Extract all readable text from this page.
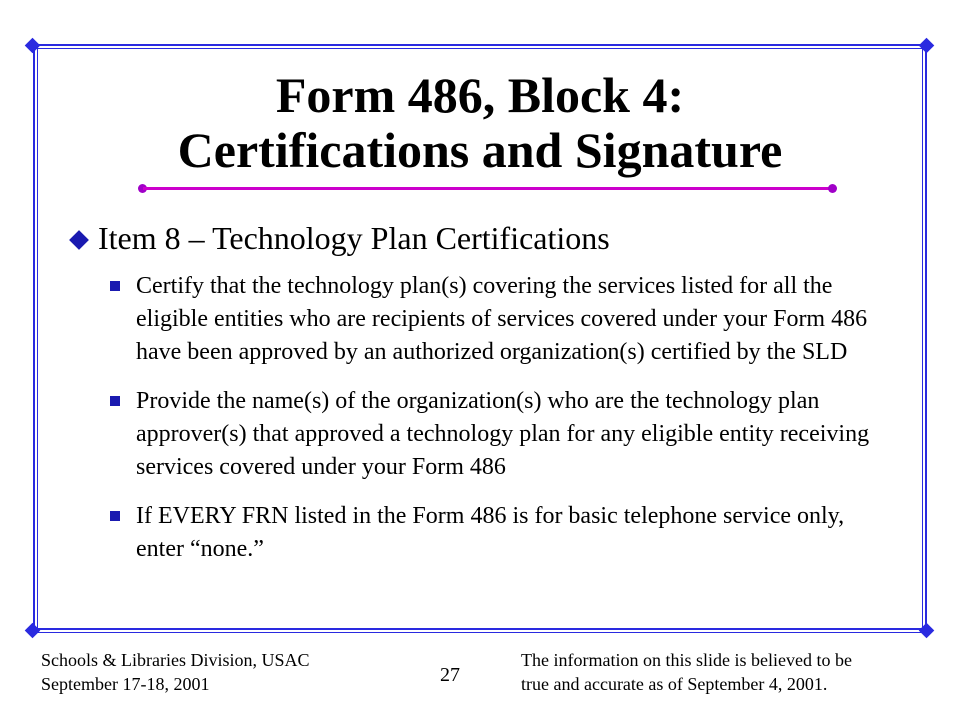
Form 486, Block 4:
Certifications and Signature
Item 8 – Technology Plan Certifications
Certify that the technology plan(s) covering the services listed for all the eligible entities who are recipients of services covered under your Form 486 have been approved by an authorized organization(s) certified by the SLD
Provide the name(s) of the organization(s) who are the technology plan approver(s) that approved a technology plan for any eligible entity receiving services covered under your Form 486
If EVERY FRN listed in the Form 486 is for basic telephone service only, enter “none.”
Schools & Libraries Division, USAC
September 17-18, 2001	27
The information on this slide is believed to be
true and accurate as of September 4, 2001.
